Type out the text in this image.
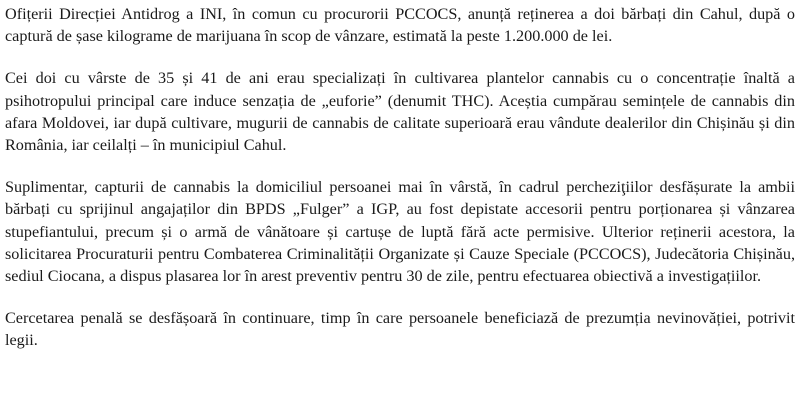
Ofițerii Direcției Antidrog a INI, în comun cu procurorii PCCOCS, anunță reținerea a doi bărbați din Cahul, după o captură de șase kilograme de marijuana în scop de vânzare, estimată la peste 1.200.000 de lei.

Cei doi cu vârste de 35 și 41 de ani erau specializați în cultivarea plantelor cannabis cu o concentrație înaltă a psihotropului principal care induce senzația de „euforie” (denumit THC). Aceștia cumpărau semințele de cannabis din afara Moldovei, iar după cultivare, mugurii de cannabis de calitate superioară erau vândute dealerilor din Chișinău și din România, iar ceilalți – în municipiul Cahul.

Suplimentar, capturii de cannabis la domiciliul persoanei mai în vârstă, în cadrul percheziţiilor desfășurate la ambii bărbați cu sprijinul angajaților din BPDS „Fulger” a IGP, au fost depistate accesorii pentru porționarea și vânzarea stupefiantului, precum și o armă de vânătoare și cartușe de luptă fără acte permisive. Ulterior reținerii acestora, la solicitarea Procuraturii pentru Combaterea Criminalității Organizate și Cauze Speciale (PCCOCS), Judecătoria Chișinău, sediul Ciocana, a dispus plasarea lor în arest preventiv pentru 30 de zile, pentru efectuarea obiectivă a investigațiilor.

Cercetarea penală se desfășoară în continuare, timp în care persoanele beneficiază de prezumția nevinovăției, potrivit legii.
